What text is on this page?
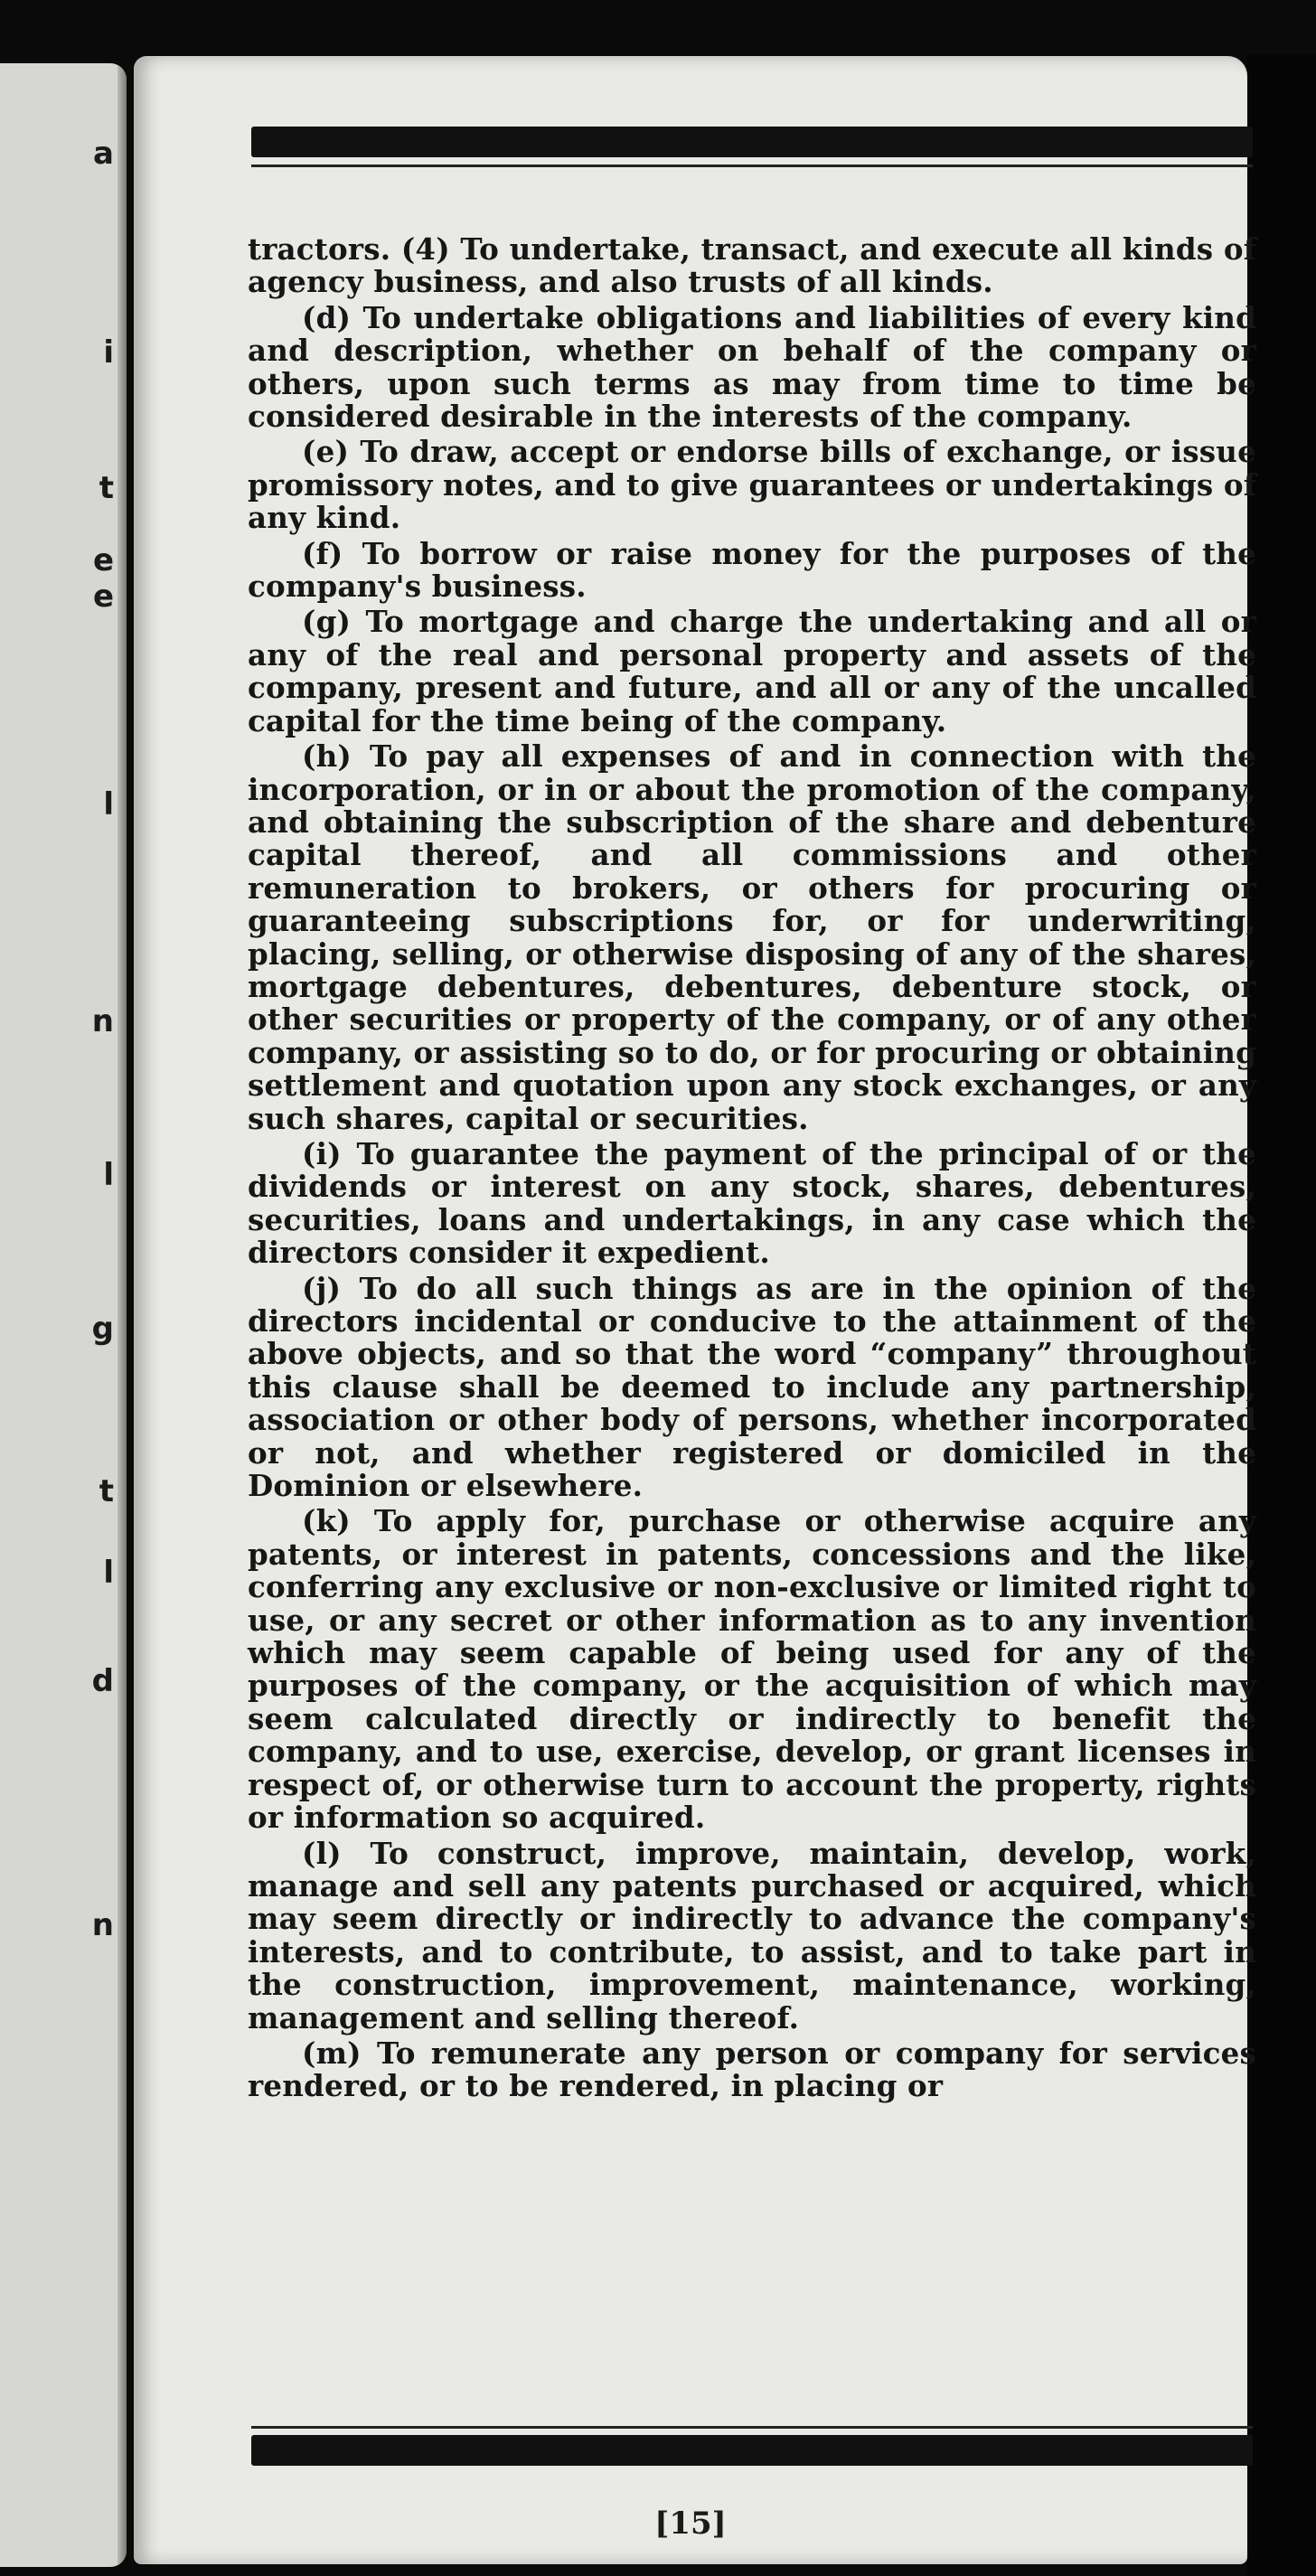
a
i
t
e
e
l
n
l
g
t
l
d
n

tractors. (4) To undertake, transact, and execute all kinds of agency business, and also trusts of all kinds.

(d) To undertake obligations and liabilities of every kind and description, whether on behalf of the company or others, upon such terms as may from time to time be considered desirable in the interests of the company.

(e) To draw, accept or endorse bills of exchange, or issue promissory notes, and to give guarantees or undertakings of any kind.

(f) To borrow or raise money for the purposes of the company's business.

(g) To mortgage and charge the undertaking and all or any of the real and personal property and assets of the company, present and future, and all or any of the uncalled capital for the time being of the company.

(h) To pay all expenses of and in connection with the incorporation, or in or about the promotion of the company, and obtaining the subscription of the share and debenture capital thereof, and all commissions and other remuneration to brokers, or others for procuring or guaranteeing subscriptions for, or for underwriting, placing, selling, or otherwise disposing of any of the shares, mortgage debentures, debentures, debenture stock, or other securities or property of the company, or of any other company, or assisting so to do, or for procuring or obtaining settlement and quotation upon any stock exchanges, or any such shares, capital or securities.

(i) To guarantee the payment of the principal of or the dividends or interest on any stock, shares, debentures, securities, loans and undertakings, in any case which the directors consider it expedient.

(j) To do all such things as are in the opinion of the directors incidental or conducive to the attainment of the above objects, and so that the word “company” throughout this clause shall be deemed to include any partnership, association or other body of persons, whether incorporated or not, and whether registered or domiciled in the Dominion or elsewhere.

(k) To apply for, purchase or otherwise acquire any patents, or interest in patents, concessions and the like, conferring any exclusive or non-exclusive or limited right to use, or any secret or other information as to any invention which may seem capable of being used for any of the purposes of the company, or the acquisition of which may seem calculated directly or indirectly to benefit the company, and to use, exercise, develop, or grant licenses in respect of, or otherwise turn to account the property, rights or information so acquired.

(l) To construct, improve, maintain, develop, work, manage and sell any patents purchased or acquired, which may seem directly or indirectly to advance the company's interests, and to contribute, to assist, and to take part in the construction, improvement, maintenance, working, management and selling thereof.

(m) To remunerate any person or company for services rendered, or to be rendered, in placing or

[15]
